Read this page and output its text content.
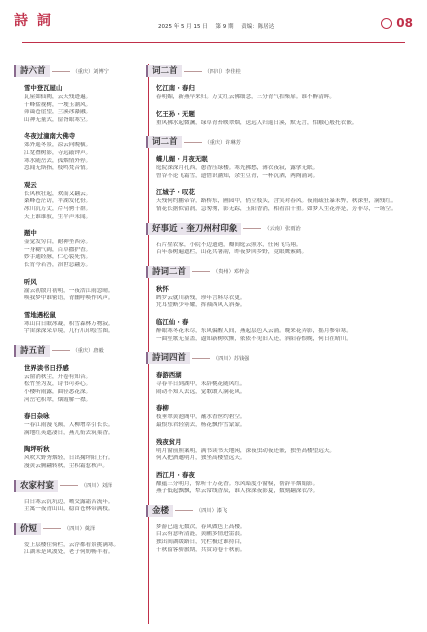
詩 詞	2025 年 5 月 15 日 第 9 期 责编：陈居达	08
詩六首	（重庆）刘博宁
雪中登瓦屋山
瓦屋如仙阙，云天残迹遍。
千峰盐视树，一埂玉潮风。
茆霭苍崖望，兰溪冰瀑融。
山神无量式，留胥眼寒空。
冬夜过潼南大佛寺
郊外遥冬景，凉云向晚横。
江宽叠树影，寺远敲钟声。
寒水随岳去，孤烟情外停。
忽闻无斯指，枝鸣梵音情。
观云
长风秋壮起，欢而又翻云。
桑峰苍茫访，平湖发化份。
冰川沉万丈，芹马骋千群。
天上谁谁驭，生平声未闻。
题中
壶觉发穷白，耐神坐西旁。
一身糊气阔，百草撒护香。
妙手通经脉，仁心裂死伤。
长宵今若答，治世总翩芳。
听风
渝云初散月初明，一夜浩江雨忽晴。
唤我梦中谁密语，青幽呼唤作风声。
雪地遇松鼠
寒山白日眠冰凝，积雪森林万物寂。
宇宙深深采草境，几行爪印绘雪图。
詩五首	（重庆）唐毅
世界读书日抒感
云窗消秋尘，开卷有知音。
松竹坐为友，诗书可养心。
小楼听雨露，曲径悉花深。
河岳宅积翠，烟霞解一襟。
春日杂咏
一春江雨漫飞颠，人柳增萃引长长。
满地红英遮凄日，燕儿衔去筑巢香。
陶坪听秋
风吹大野秀烟轻，日出掬坪阳上行。
漫黄云腾翩转秋，尘积霜惹秋声。
农家村宴	（四川）刘泽
白日寒云沉坑边，呦交露霜苦流年。
主寓一夜青山山，稳首苍林带满枝。
价短	（四川）奠泽
爱上层楼往倚栏，云浮都看景挑满寒。
江湖未是风波处，老子何妨畅半看。
词二首	（四川）李佳桂
忆江南 · 春归
春明媚，新燕早来归。万丈红云佛细念，三分青气扣柴扉。谁不醉清晖。
忆王孙 · 无题
重风拂水起微澜，绿草青苔映翠烟，送远人归遥日溪，默无言，怕触心般托衣嵌。
词二首	（重庆）许琳芳
蝶儿媚 · 月夜无眠
庭院深深月孔西，憩香压绿楼。寒光拂愁，薄衣夜寂，露挲无眠。
曾谷不论飞霜雪，遗惜识涵知，余生豆青，一杯沉洒，两陶涌词。
江城子 · 叹花
天残何约鹏帝谷，路桥东，圃园中，俏立枝头，含笑对春风。夜雨疏狂暴未弊，秋深里，满残红。
情花长据似留润，急匆匆，影无踪，玉阳香消，相看泪千重。如梦人生花亦是，芳菲尽，一场空。
好事近 · 奎刀州村印象	（云南）张雨治
石片垒农家，小院不边遗遇，瓣间庭云照水，任闲飞鸟翔。
百年茶树遍遮栏，山花共暑韵，昨夜梦回乡野，竟眼鹰萦鹤。
詩词二首	（贵州）邓梓会
秋怀
睥罗云就川新残，珍年言料尽衣更。
凭耳望断少年耀，挥袖西风人斜秦。
临江仙 · 春
醉眼寒冬花未尽，东风偏醒人间，燕起层色入云涌。晚来花弄影，摇月参带寒。
一曲笙歌无显盖，逼知新树吹颤，依依不见旧人还，斜阳春恨晚，何日在晴川。
詩词四首	（四川）苏钱强
春游西湖
寻春半日到湖中，未辞桃花随风红。
闹动不知人去远，觉歌敢人满花风。
春柳
枝垂翠黄池阁中，蘸水香丝约碧空。
最恨东君轻别去，杨花飘作雪蒙蒙。
残夜贫月
明月窗前照案明，满书读书天地闲，深夜虫动夜还嵌，独坐高楼望远天。
何入把酒邀明月，独坐高楼望远天。
西江月 · 春夜
酿蕴三分明月，惊听十万花香。东风暗度小窗棂，帮辞半烟娟影。
燕子低起飘飘，犁云常线香辰，谁人探深夜影夏，数刻翻深衣冷。
金楼	（四川）漆飞
梦游已遥无数次，春风做色上高楼。
白云有意听清涟，黄鹂多情进雷浪。
独出间湖缓路日，凭栏极过谁持白，
千秋留客骄旅期，共赏诗卷千秋前。
